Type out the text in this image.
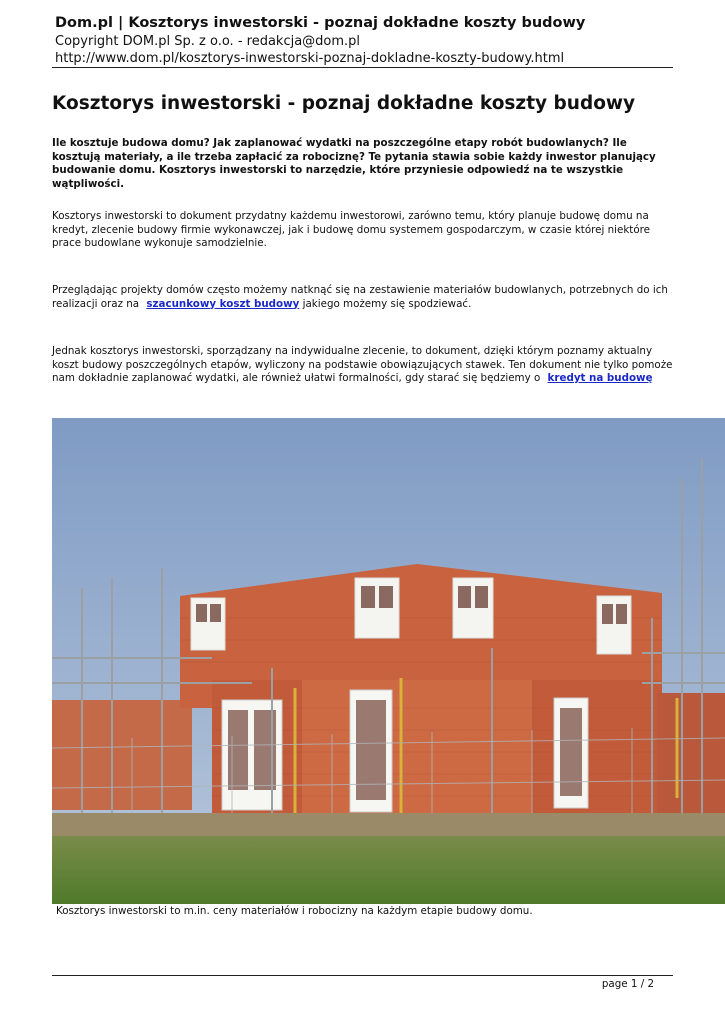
Dom.pl | Kosztorys inwestorski - poznaj dokładne koszty budowy
Copyright DOM.pl Sp. z o.o. - redakcja@dom.pl
http://www.dom.pl/kosztorys-inwestorski-poznaj-dokladne-koszty-budowy.html
Kosztorys inwestorski - poznaj dokładne koszty budowy

Ile kosztuje budowa domu? Jak zaplanować wydatki na poszczególne etapy robót budowlanych? Ile kosztują materiały, a ile trzeba zapłacić za robociznę? Te pytania stawia sobie każdy inwestor planujący budowanie domu. Kosztorys inwestorski to narzędzie, które przyniesie odpowiedź na te wszystkie wątpliwości.

Kosztorys inwestorski to dokument przydatny każdemu inwestorowi, zarówno temu, który planuje budowę domu na kredyt, zlecenie budowy firmie wykonawczej, jak i budowę domu systemem gospodarczym, w czasie której niektóre prace budowlane wykonuje samodzielnie.

Przeglądając projekty domów często możemy natknąć się na zestawienie materiałów budowlanych, potrzebnych do ich realizacji oraz na szacunkowy koszt budowy jakiego możemy się spodziewać.

Jednak kosztorys inwestorski, sporządzany na indywidualne zlecenie, to dokument, dzięki którym poznamy aktualny koszt budowy poszczególnych etapów, wyliczony na podstawie obowiązujących stawek. Ten dokument nie tylko pomoże nam dokładnie zaplanować wydatki, ale również ułatwi formalności, gdy starać się będziemy o kredyt na budowę

Kosztorys inwestorski to m.in. ceny materiałów i robocizny na każdym etapie budowy domu.
page 1 / 2
